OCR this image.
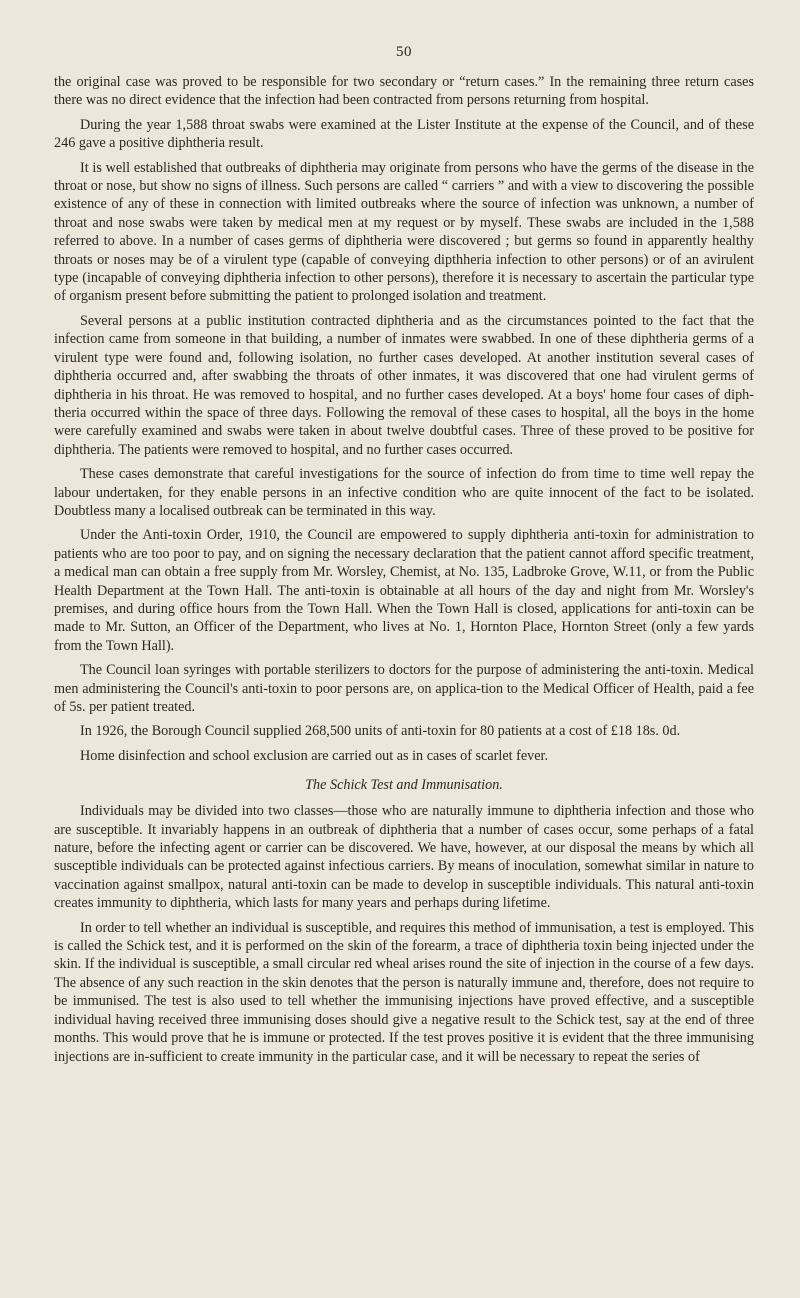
50

the original case was proved to be responsible for two secondary or “return cases.” In the remaining three return cases there was no direct evidence that the infection had been contracted from persons returning from hospital.

During the year 1,588 throat swabs were examined at the Lister Institute at the expense of the Council, and of these 246 gave a positive diphtheria result.

It is well established that outbreaks of diphtheria may originate from persons who have the germs of the disease in the throat or nose, but show no signs of illness. Such persons are called “ carriers ” and with a view to discovering the possible existence of any of these in connection with limited outbreaks where the source of infection was unknown, a number of throat and nose swabs were taken by medical men at my request or by myself. These swabs are included in the 1,588 referred to above. In a number of cases germs of diphtheria were discovered ; but germs so found in apparently healthy throats or noses may be of a virulent type (capable of conveying dipthheria infection to other persons) or of an avirulent type (incapable of conveying diphtheria infection to other persons), therefore it is necessary to ascertain the particular type of organism present before submitting the patient to prolonged isolation and treatment.

Several persons at a public institution contracted diphtheria and as the circumstances pointed to the fact that the infection came from someone in that building, a number of inmates were swabbed. In one of these diphtheria germs of a virulent type were found and, following isolation, no further cases developed. At another institution several cases of diphtheria occurred and, after swabbing the throats of other inmates, it was discovered that one had virulent germs of diphtheria in his throat. He was removed to hospital, and no further cases developed. At a boys' home four cases of diph-theria occurred within the space of three days. Following the removal of these cases to hospital, all the boys in the home were carefully examined and swabs were taken in about twelve doubtful cases. Three of these proved to be positive for diphtheria. The patients were removed to hospital, and no further cases occurred.

These cases demonstrate that careful investigations for the source of infection do from time to time well repay the labour undertaken, for they enable persons in an infective condition who are quite innocent of the fact to be isolated. Doubtless many a localised outbreak can be terminated in this way.

Under the Anti-toxin Order, 1910, the Council are empowered to supply diphtheria anti-toxin for administration to patients who are too poor to pay, and on signing the necessary declaration that the patient cannot afford specific treatment, a medical man can obtain a free supply from Mr. Worsley, Chemist, at No. 135, Ladbroke Grove, W.11, or from the Public Health Department at the Town Hall. The anti-toxin is obtainable at all hours of the day and night from Mr. Worsley's premises, and during office hours from the Town Hall. When the Town Hall is closed, applications for anti-toxin can be made to Mr. Sutton, an Officer of the Department, who lives at No. 1, Hornton Place, Hornton Street (only a few yards from the Town Hall).

The Council loan syringes with portable sterilizers to doctors for the purpose of administering the anti-toxin. Medical men administering the Council's anti-toxin to poor persons are, on applica-tion to the Medical Officer of Health, paid a fee of 5s. per patient treated.

In 1926, the Borough Council supplied 268,500 units of anti-toxin for 80 patients at a cost of £18 18s. 0d.

Home disinfection and school exclusion are carried out as in cases of scarlet fever.

The Schick Test and Immunisation.

Individuals may be divided into two classes—those who are naturally immune to diphtheria infection and those who are susceptible. It invariably happens in an outbreak of diphtheria that a number of cases occur, some perhaps of a fatal nature, before the infecting agent or carrier can be discovered. We have, however, at our disposal the means by which all susceptible individuals can be protected against infectious carriers. By means of inoculation, somewhat similar in nature to vaccination against smallpox, natural anti-toxin can be made to develop in susceptible individuals. This natural anti-toxin creates immunity to diphtheria, which lasts for many years and perhaps during lifetime.

In order to tell whether an individual is susceptible, and requires this method of immunisation, a test is employed. This is called the Schick test, and it is performed on the skin of the forearm, a trace of diphtheria toxin being injected under the skin. If the individual is susceptible, a small circular red wheal arises round the site of injection in the course of a few days. The absence of any such reaction in the skin denotes that the person is naturally immune and, therefore, does not require to be immunised. The test is also used to tell whether the immunising injections have proved effective, and a susceptible individual having received three immunising doses should give a negative result to the Schick test, say at the end of three months. This would prove that he is immune or protected. If the test proves positive it is evident that the three immunising injections are in-sufficient to create immunity in the particular case, and it will be necessary to repeat the series of
